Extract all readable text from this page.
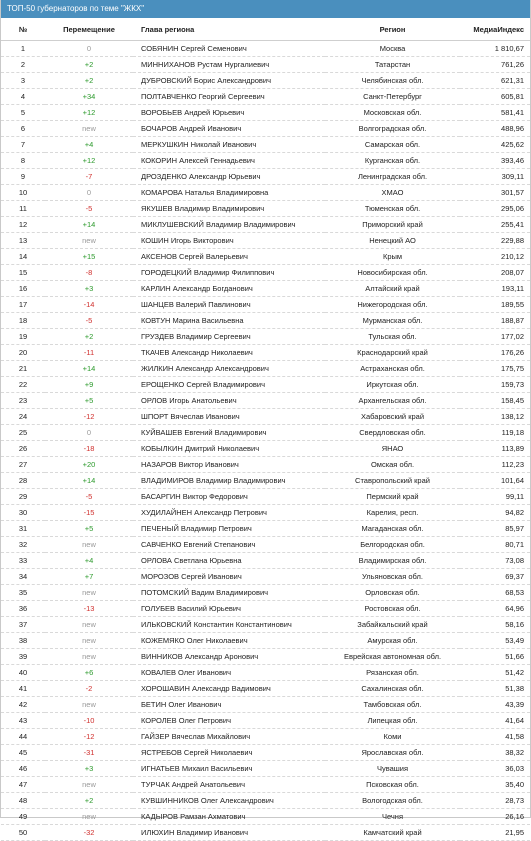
ТОП-50 губернаторов по теме "ЖКХ"
№	Перемещение	Глава региона	Регион	МедиаИндекс
1	0	СОБЯНИН Сергей Семенович	Москва	1 810,67
2	+2	МИННИХАНОВ Рустам Нургалиевич	Татарстан	761,26
3	+2	ДУБРОВСКИЙ Борис Александрович	Челябинская обл.	621,31
4	+34	ПОЛТАВЧЕНКО Георгий Сергеевич	Санкт-Петербург	605,81
5	+12	ВОРОБЬЕВ Андрей Юрьевич	Московская обл.	581,41
6	new	БОЧАРОВ Андрей Иванович	Волгоградская обл.	488,96
7	+4	МЕРКУШКИН Николай Иванович	Самарская обл.	425,62
8	+12	КОКОРИН Алексей Геннадьевич	Курганская обл.	393,46
9	-7	ДРОЗДЕНКО Александр Юрьевич	Ленинградская обл.	309,11
10	0	КОМАРОВА Наталья Владимировна	ХМАО	301,57
11	-5	ЯКУШЕВ Владимир Владимирович	Тюменская обл.	295,06
12	+14	МИКЛУШЕВСКИЙ Владимир Владимирович	Приморский край	255,41
13	new	КОШИН Игорь Викторович	Ненецкий АО	229,88
14	+15	АКСЕНОВ Сергей Валерьевич	Крым	210,12
15	-8	ГОРОДЕЦКИЙ Владимир Филиппович	Новосибирская обл.	208,07
16	+3	КАРЛИН Александр Богданович	Алтайский край	193,11
17	-14	ШАНЦЕВ Валерий Павлинович	Нижегородская обл.	189,55
18	-5	КОВТУН Марина Васильевна	Мурманская обл.	188,87
19	+2	ГРУЗДЕВ Владимир Сергеевич	Тульская обл.	177,02
20	-11	ТКАЧЕВ Александр Николаевич	Краснодарский край	176,26
21	+14	ЖИЛКИН Александр Александрович	Астраханская обл.	175,75
22	+9	ЕРОЩЕНКО Сергей Владимирович	Иркутская обл.	159,73
23	+5	ОРЛОВ Игорь Анатольевич	Архангельская обл.	158,45
24	-12	ШПОРТ Вячеслав Иванович	Хабаровский край	138,12
25	0	КУЙВАШЕВ Евгений Владимирович	Свердловская обл.	119,18
26	-18	КОБЫЛКИН Дмитрий Николаевич	ЯНАО	113,89
27	+20	НАЗАРОВ Виктор Иванович	Омская обл.	112,23
28	+14	ВЛАДИМИРОВ Владимир Владимирович	Ставропольский край	101,64
29	-5	БАСАРГИН Виктор Федорович	Пермский край	99,11
30	-15	ХУДИЛАЙНЕН Александр Петрович	Карелия, респ.	94,82
31	+5	ПЕЧЕНЫЙ Владимир Петрович	Магаданская обл.	85,97
32	new	САВЧЕНКО Евгений Степанович	Белгородская обл.	80,71
33	+4	ОРЛОВА Светлана Юрьевна	Владимирская обл.	73,08
34	+7	МОРОЗОВ Сергей Иванович	Ульяновская обл.	69,37
35	new	ПОТОМСКИЙ Вадим Владимирович	Орловская обл.	68,53
36	-13	ГОЛУБЕВ Василий Юрьевич	Ростовская обл.	64,96
37	new	ИЛЬКОВСКИЙ Константин Константинович	Забайкальский край	58,16
38	new	КОЖЕМЯКО Олег Николаевич	Амурская обл.	53,49
39	new	ВИННИКОВ Александр Аронович	Еврейская автономная обл.	51,66
40	+6	КОВАЛЕВ Олег Иванович	Рязанская обл.	51,42
41	-2	ХОРОШАВИН Александр Вадимович	Сахалинская обл.	51,38
42	new	БЕТИН Олег Иванович	Тамбовская обл.	43,39
43	-10	КОРОЛЕВ Олег Петрович	Липецкая обл.	41,64
44	-12	ГАЙЗЕР Вячеслав Михайлович	Коми	41,58
45	-31	ЯСТРЕБОВ Сергей Николаевич	Ярославская обл.	38,32
46	+3	ИГНАТЬЕВ Михаил Васильевич	Чувашия	36,03
47	new	ТУРЧАК Андрей Анатольевич	Псковская обл.	35,40
48	+2	КУВШИННИКОВ Олег Александрович	Вологодская обл.	28,73
49	new	КАДЫРОВ Рамзан Ахматович	Чечня	26,16
50	-32	ИЛЮХИН Владимир Иванович	Камчатский край	21,95
